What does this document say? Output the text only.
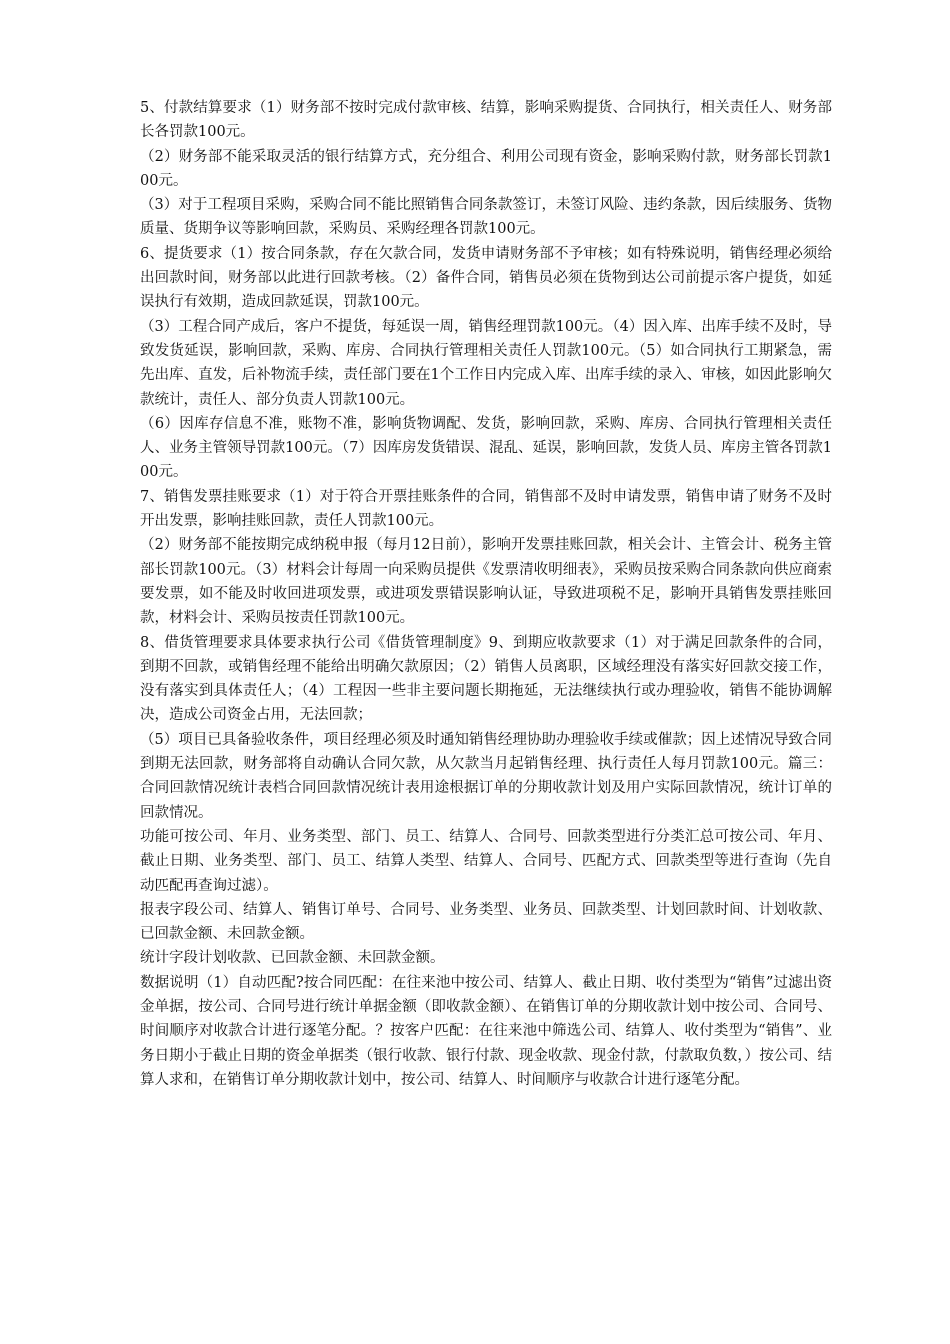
5、付款结算要求（1）财务部不按时完成付款审核、结算，影响采购提货、合同执行，相关责任人、财务部长各罚款100元。

（2）财务部不能采取灵活的银行结算方式，充分组合、利用公司现有资金，影响采购付款，财务部长罚款100元。

（3）对于工程项目采购，采购合同不能比照销售合同条款签订，未签订风险、违约条款，因后续服务、货物质量、货期争议等影响回款，采购员、采购经理各罚款100元。

6、提货要求（1）按合同条款，存在欠款合同，发货申请财务部不予审核；如有特殊说明，销售经理必须给出回款时间，财务部以此进行回款考核。（2）备件合同，销售员必须在货物到达公司前提示客户提货，如延误执行有效期，造成回款延误，罚款100元。

（3）工程合同产成后，客户不提货，每延误一周，销售经理罚款100元。（4）因入库、出库手续不及时，导致发货延误，影响回款，采购、库房、合同执行管理相关责任人罚款100元。（5）如合同执行工期紧急，需先出库、直发，后补物流手续，责任部门要在1个工作日内完成入库、出库手续的录入、审核，如因此影响欠款统计，责任人、部分负责人罚款100元。

（6）因库存信息不准，账物不准，影响货物调配、发货，影响回款，采购、库房、合同执行管理相关责任人、业务主管领导罚款100元。（7）因库房发货错误、混乱、延误，影响回款，发货人员、库房主管各罚款100元。

7、销售发票挂账要求（1）对于符合开票挂账条件的合同，销售部不及时申请发票，销售申请了财务不及时开出发票，影响挂账回款，责任人罚款100元。

（2）财务部不能按期完成纳税申报（每月12日前），影响开发票挂账回款，相关会计、主管会计、税务主管部长罚款100元。（3）材料会计每周一向采购员提供《发票清收明细表》，采购员按采购合同条款向供应商索要发票，如不能及时收回进项发票，或进项发票错误影响认证，导致进项税不足，影响开具销售发票挂账回款，材料会计、采购员按责任罚款100元。

8、借货管理要求具体要求执行公司《借货管理制度》9、到期应收款要求（1）对于满足回款条件的合同，到期不回款，或销售经理不能给出明确欠款原因；（2）销售人员离职，区域经理没有落实好回款交接工作，没有落实到具体责任人；（4）工程因一些非主要问题长期拖延，无法继续执行或办理验收，销售不能协调解决，造成公司资金占用，无法回款；

（5）项目已具备验收条件，项目经理必须及时通知销售经理协助办理验收手续或催款；因上述情况导致合同到期无法回款，财务部将自动确认合同欠款，从欠款当月起销售经理、执行责任人每月罚款100元。篇三：合同回款情况统计表档合同回款情况统计表用途根据订单的分期收款计划及用户实际回款情况，统计订单的回款情况。

功能可按公司、年月、业务类型、部门、员工、结算人、合同号、回款类型进行分类汇总可按公司、年月、截止日期、业务类型、部门、员工、结算人类型、结算人、合同号、匹配方式、回款类型等进行查询（先自动匹配再查询过滤）。

报表字段公司、结算人、销售订单号、合同号、业务类型、业务员、回款类型、计划回款时间、计划收款、已回款金额、未回款金额。

统计字段计划收款、已回款金额、未回款金额。

数据说明（1）自动匹配?按合同匹配：在往来池中按公司、结算人、截止日期、收付类型为“销售”过滤出资金单据，按公司、合同号进行统计单据金额（即收款金额）、在销售订单的分期收款计划中按公司、合同号、时间顺序对收款合计进行逐笔分配。？按客户匹配：在往来池中筛选公司、结算人、收付类型为“销售”、业务日期小于截止日期的资金单据类（银行收款、银行付款、现金收款、现金付款，付款取负数，）按公司、结算人求和，在销售订单分期收款计划中，按公司、结算人、时间顺序与收款合计进行逐笔分配。
